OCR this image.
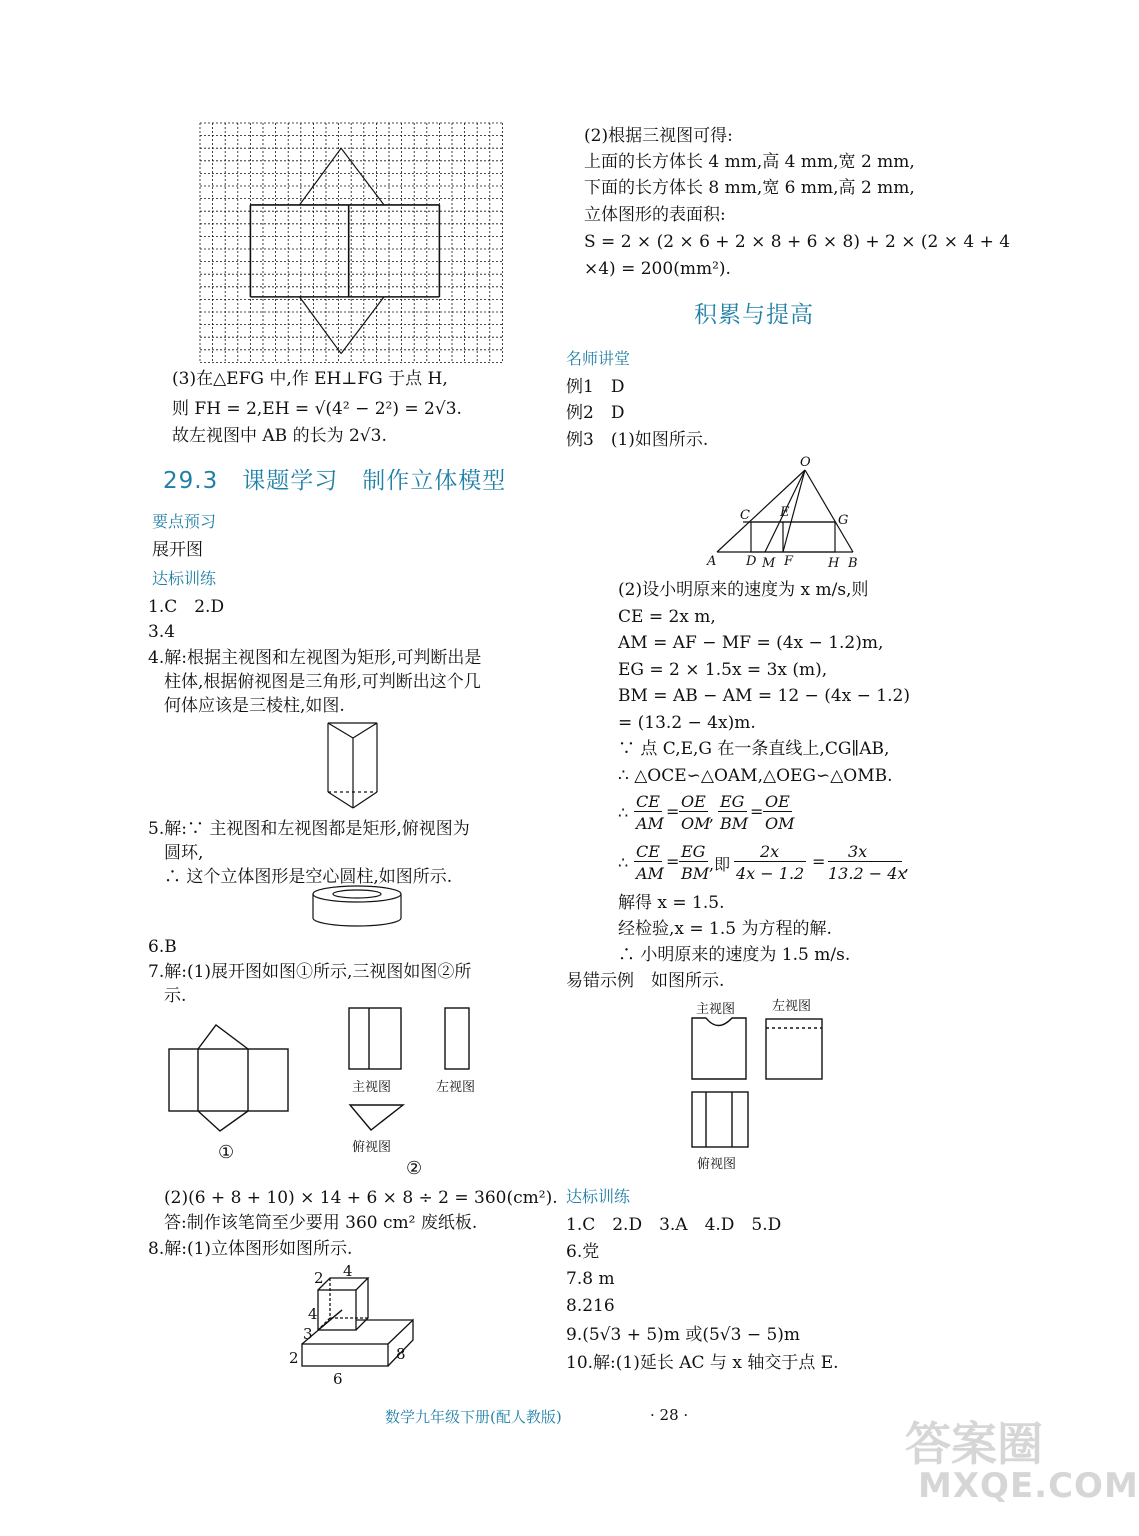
(3)在△EFG 中,作 EH⊥FG 于点 H,
则 FH = 2,EH = √(4² − 2²) = 2√3.
故左视图中 AB 的长为 2√3.
29.3　课题学习　制作立体模型
要点预习
展开图
达标训练
1.C　2.D
3.4
4.解:根据主视图和左视图为矩形,可判断出是
柱体,根据俯视图是三角形,可判断出这个几
何体应该是三棱柱,如图.
5.解:∵ 主视图和左视图都是矩形,俯视图为
圆环,
∴ 这个立体图形是空心圆柱,如图所示.
6.B
7.解:(1)展开图如图①所示,三视图如图②所
示.
①
主视图	左视图
俯视图
②
(2)(6 + 8 + 10) × 14 + 6 × 8 ÷ 2 = 360(cm²).
答:制作该笔筒至少要用 360 cm² 废纸板.
8.解:(1)立体图形如图所示.
4
2
4
3
2	8
6
(2)根据三视图可得:
上面的长方体长 4 mm,高 4 mm,宽 2 mm,
下面的长方体长 8 mm,宽 6 mm,高 2 mm,
立体图形的表面积:
S = 2 × (2 × 6 + 2 × 8 + 6 × 8) + 2 × (2 × 4 + 4
×4) = 200(mm²).
积累与提高
名师讲堂
例1　D
例2　D
例3　(1)如图所示.
O
C E
G
A D M F	H B
(2)设小明原来的速度为 x m/s,则
CE = 2x m,
AM = AF − MF = (4x − 1.2)m,
EG = 2 × 1.5x = 3x (m),
BM = AB − AM = 12 − (4x − 1.2)
= (13.2 − 4x)m.
∵ 点 C,E,G 在一条直线上,CG∥AB,
∴ △OCE∽△OAM,△OEG∽△OMB.
∴
CE
AM
=
OE
OM
,
EG
BM
=
OE
OM
∴
CE
AM
=
EG
BM ,即
2x
4x − 1.2
=
3x
13.2 − 4x
,
解得 x = 1.5.
经检验,x = 1.5 为方程的解.
∴ 小明原来的速度为 1.5 m/s.
易错示例　如图所示.
主视图	左视图
俯视图
达标训练
1.C　2.D　3.A　4.D　5.D
6.党
7.8 m
8.216
9.(5√3 + 5)m 或(5√3 − 5)m
10.解:(1)延长 AC 与 x 轴交于点 E.
数学九年级下册(配人教版)	· 28 ·
答案圈
MXQE.COM
